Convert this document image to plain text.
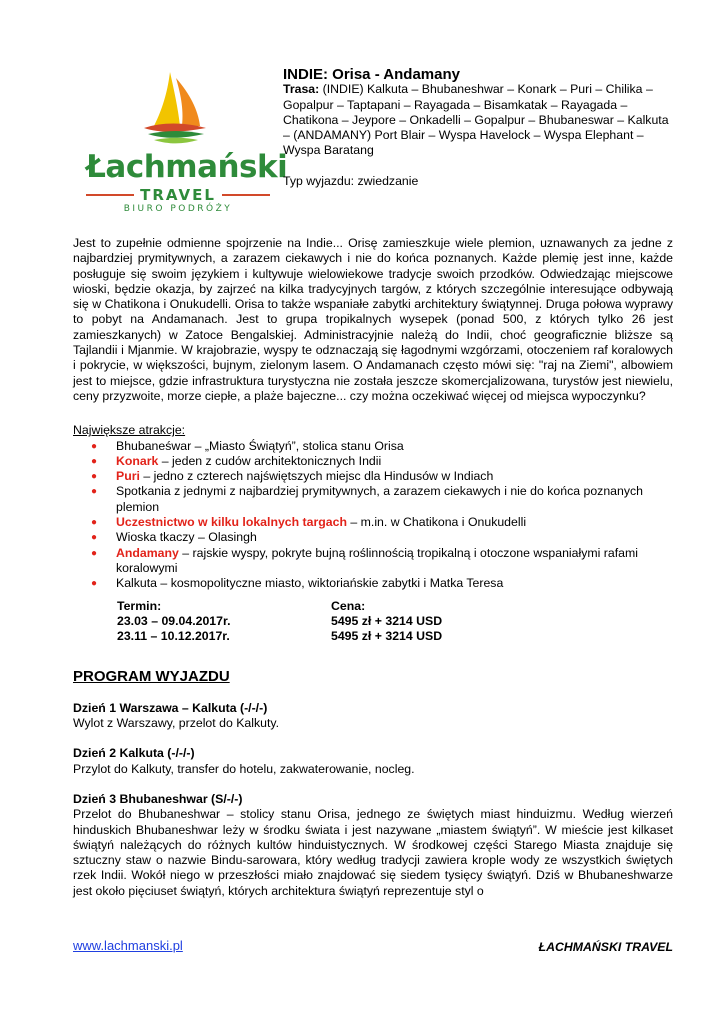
Łachmański
TRAVEL
BIURO PODRÓŻY

INDIE: Orisa - Andamany

Trasa: (INDIE) Kalkuta – Bhubaneshwar – Konark – Puri – Chilika – Gopalpur – Taptapani – Rayagada – Bisamkatak – Rayagada – Chatikona – Jeypore – Onkadelli – Gopalpur – Bhubaneswar – Kalkuta – (ANDAMANY) Port Blair – Wyspa Havelock – Wyspa Elephant – Wyspa Baratang

Typ wyjazdu: zwiedzanie

Jest to zupełnie odmienne spojrzenie na Indie... Orisę zamieszkuje wiele plemion, uznawanych za jedne z najbardziej prymitywnych, a zarazem ciekawych i nie do końca poznanych. Każde plemię jest inne, każde posługuje się swoim językiem i kultywuje wielowiekowe tradycje swoich przodków. Odwiedzając miejscowe wioski, będzie okazja, by zajrzeć na kilka tradycyjnych targów, z których szczególnie interesujące odbywają się w Chatikona i Onukudelli. Orisa to także wspaniałe zabytki architektury świątynnej. Druga połowa wyprawy to pobyt na Andamanach. Jest to grupa tropikalnych wysepek (ponad 500, z których tylko 26 jest zamieszkanych) w Zatoce Bengalskiej. Administracyjnie należą do Indii, choć geograficznie bliższe są Tajlandii i Mjanmie. W krajobrazie, wyspy te odznaczają się łagodnymi wzgórzami, otoczeniem raf koralowych i pokrycie, w większości, bujnym, zielonym lasem. O Andamanach często mówi się: "raj na Ziemi", albowiem jest to miejsce, gdzie infrastruktura turystyczna nie została jeszcze skomercjalizowana, turystów jest niewielu, ceny przyzwoite, morze ciepłe, a plaże bajeczne... czy można oczekiwać więcej od miejsca wypoczynku?

Największe atrakcje:

● Bhubaneśwar – „Miasto Świątyń”, stolica stanu Orisa
● Konark – jeden z cudów architektonicznych Indii
● Puri – jedno z czterech najświętszych miejsc dla Hindusów w Indiach
● Spotkania z jednymi z najbardziej prymitywnych, a zarazem ciekawych i nie do końca poznanych plemion
● Uczestnictwo w kilku lokalnych targach – m.in. w Chatikona i Onukudelli
● Wioska tkaczy – Olasingh
● Andamany – rajskie wyspy, pokryte bujną roślinnością tropikalną i otoczone wspaniałymi rafami koralowymi
● Kalkuta – kosmopolityczne miasto, wiktoriańskie zabytki i Matka Teresa
Termin:	Cena:
23.03 – 09.04.2017r.	5495 zł + 3214 USD
23.11 – 10.12.2017r.	5495 zł + 3214 USD

PROGRAM WYJAZDU

Dzień 1 Warszawa – Kalkuta (-/-/-)

Wylot z Warszawy, przelot do Kalkuty.

Dzień 2 Kalkuta (-/-/-)

Przylot do Kalkuty, transfer do hotelu, zakwaterowanie, nocleg.

Dzień 3 Bhubaneshwar (S/-/-)

Przelot do Bhubaneshwar – stolicy stanu Orisa, jednego ze świętych miast hinduizmu. Według wierzeń hinduskich Bhubaneshwar leży w środku świata i jest nazywane „miastem świątyń”. W mieście jest kilkaset świątyń należących do różnych kultów hinduistycznych. W środkowej części Starego Miasta znajduje się sztuczny staw o nazwie Bindu-sarowara, który według tradycji zawiera krople wody ze wszystkich świętych rzek Indii. Wokół niego w przeszłości miało znajdować się siedem tysięcy świątyń. Dziś w Bhubaneshwarze jest około pięciuset świątyń, których architektura świątyń reprezentuje styl o

www.lachmanski.pl	ŁACHMAŃSKI TRAVEL
